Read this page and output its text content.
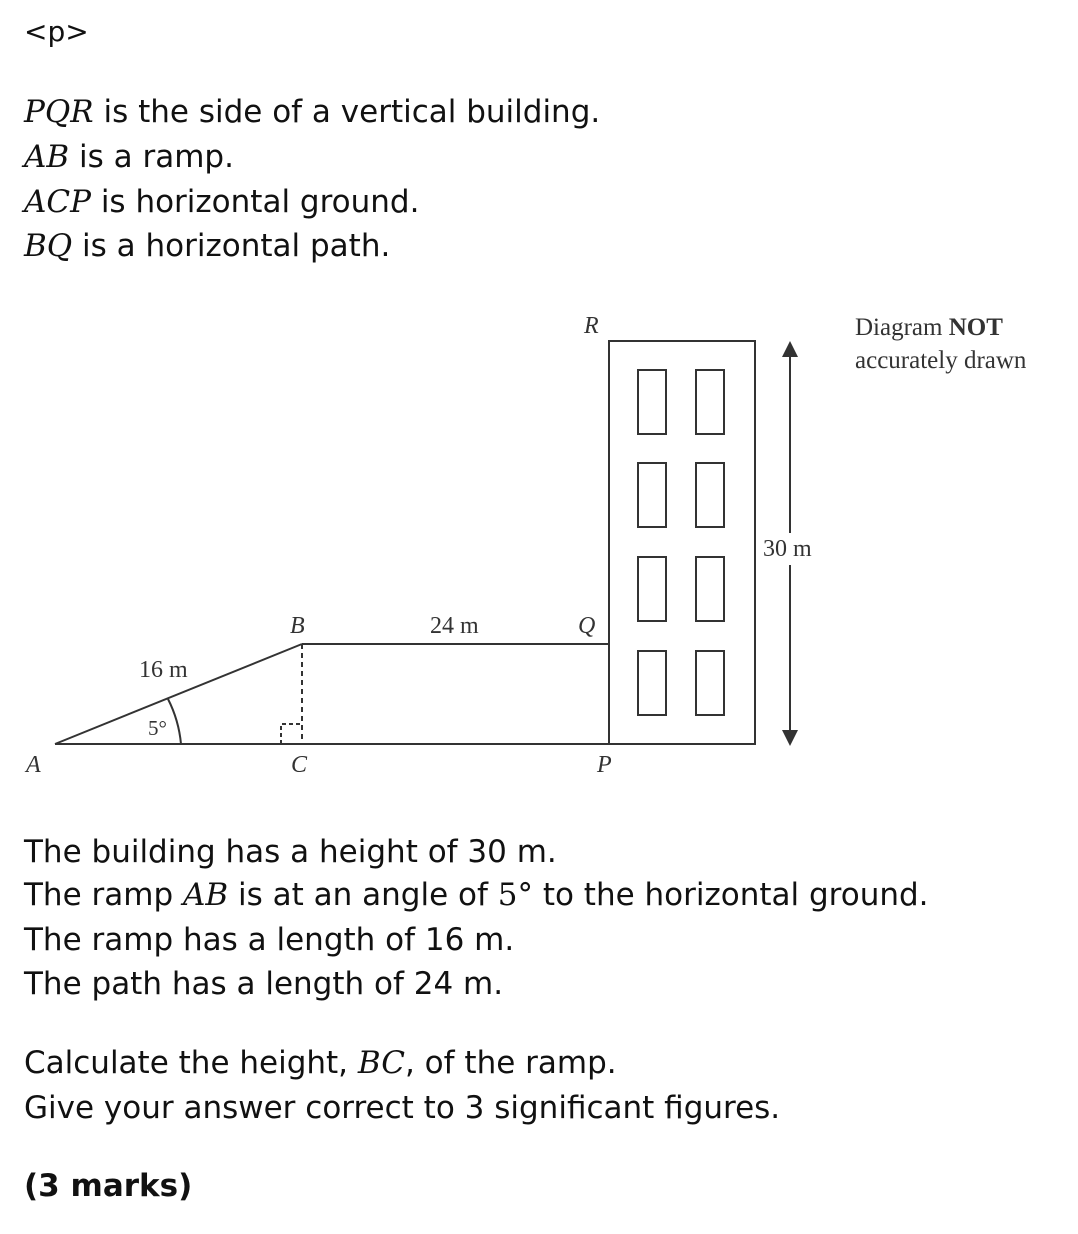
<p>
PQR is the side of a vertical building.
AB is a ramp.
ACP is horizontal ground.
BQ is a horizontal path.
A
B
C	P
Q
R
16 m
24 m
30 m
5°
Diagram NOT
accurately drawn
The building has a height of 30 m.
The ramp AB is at an angle of 5° to the horizontal ground.
The ramp has a length of 16 m.
The path has a length of 24 m.
Calculate the height, BC, of the ramp.
Give your answer correct to 3 significant figures.
(3 marks)
